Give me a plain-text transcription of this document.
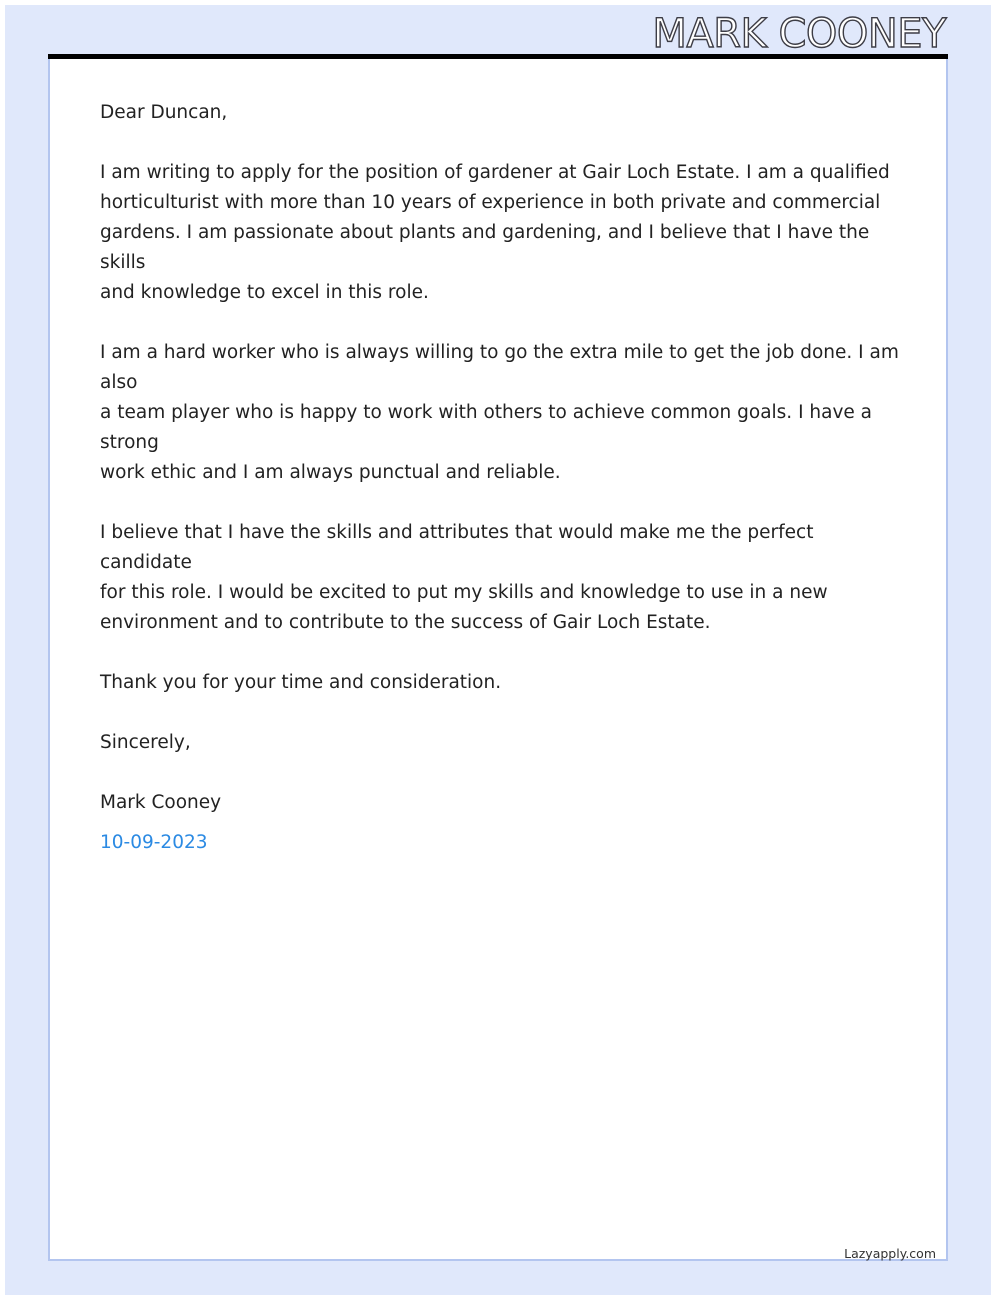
MARK COONEY

Dear Duncan,

I am writing to apply for the position of gardener at Gair Loch Estate. I am a qualified
horticulturist with more than 10 years of experience in both private and commercial
gardens. I am passionate about plants and gardening, and I believe that I have the skills
and knowledge to excel in this role.

I am a hard worker who is always willing to go the extra mile to get the job done. I am also
a team player who is happy to work with others to achieve common goals. I have a strong
work ethic and I am always punctual and reliable.

I believe that I have the skills and attributes that would make me the perfect candidate
for this role. I would be excited to put my skills and knowledge to use in a new
environment and to contribute to the success of Gair Loch Estate.

Thank you for your time and consideration.

Sincerely,

Mark Cooney

10-09-2023

Lazyapply.com
